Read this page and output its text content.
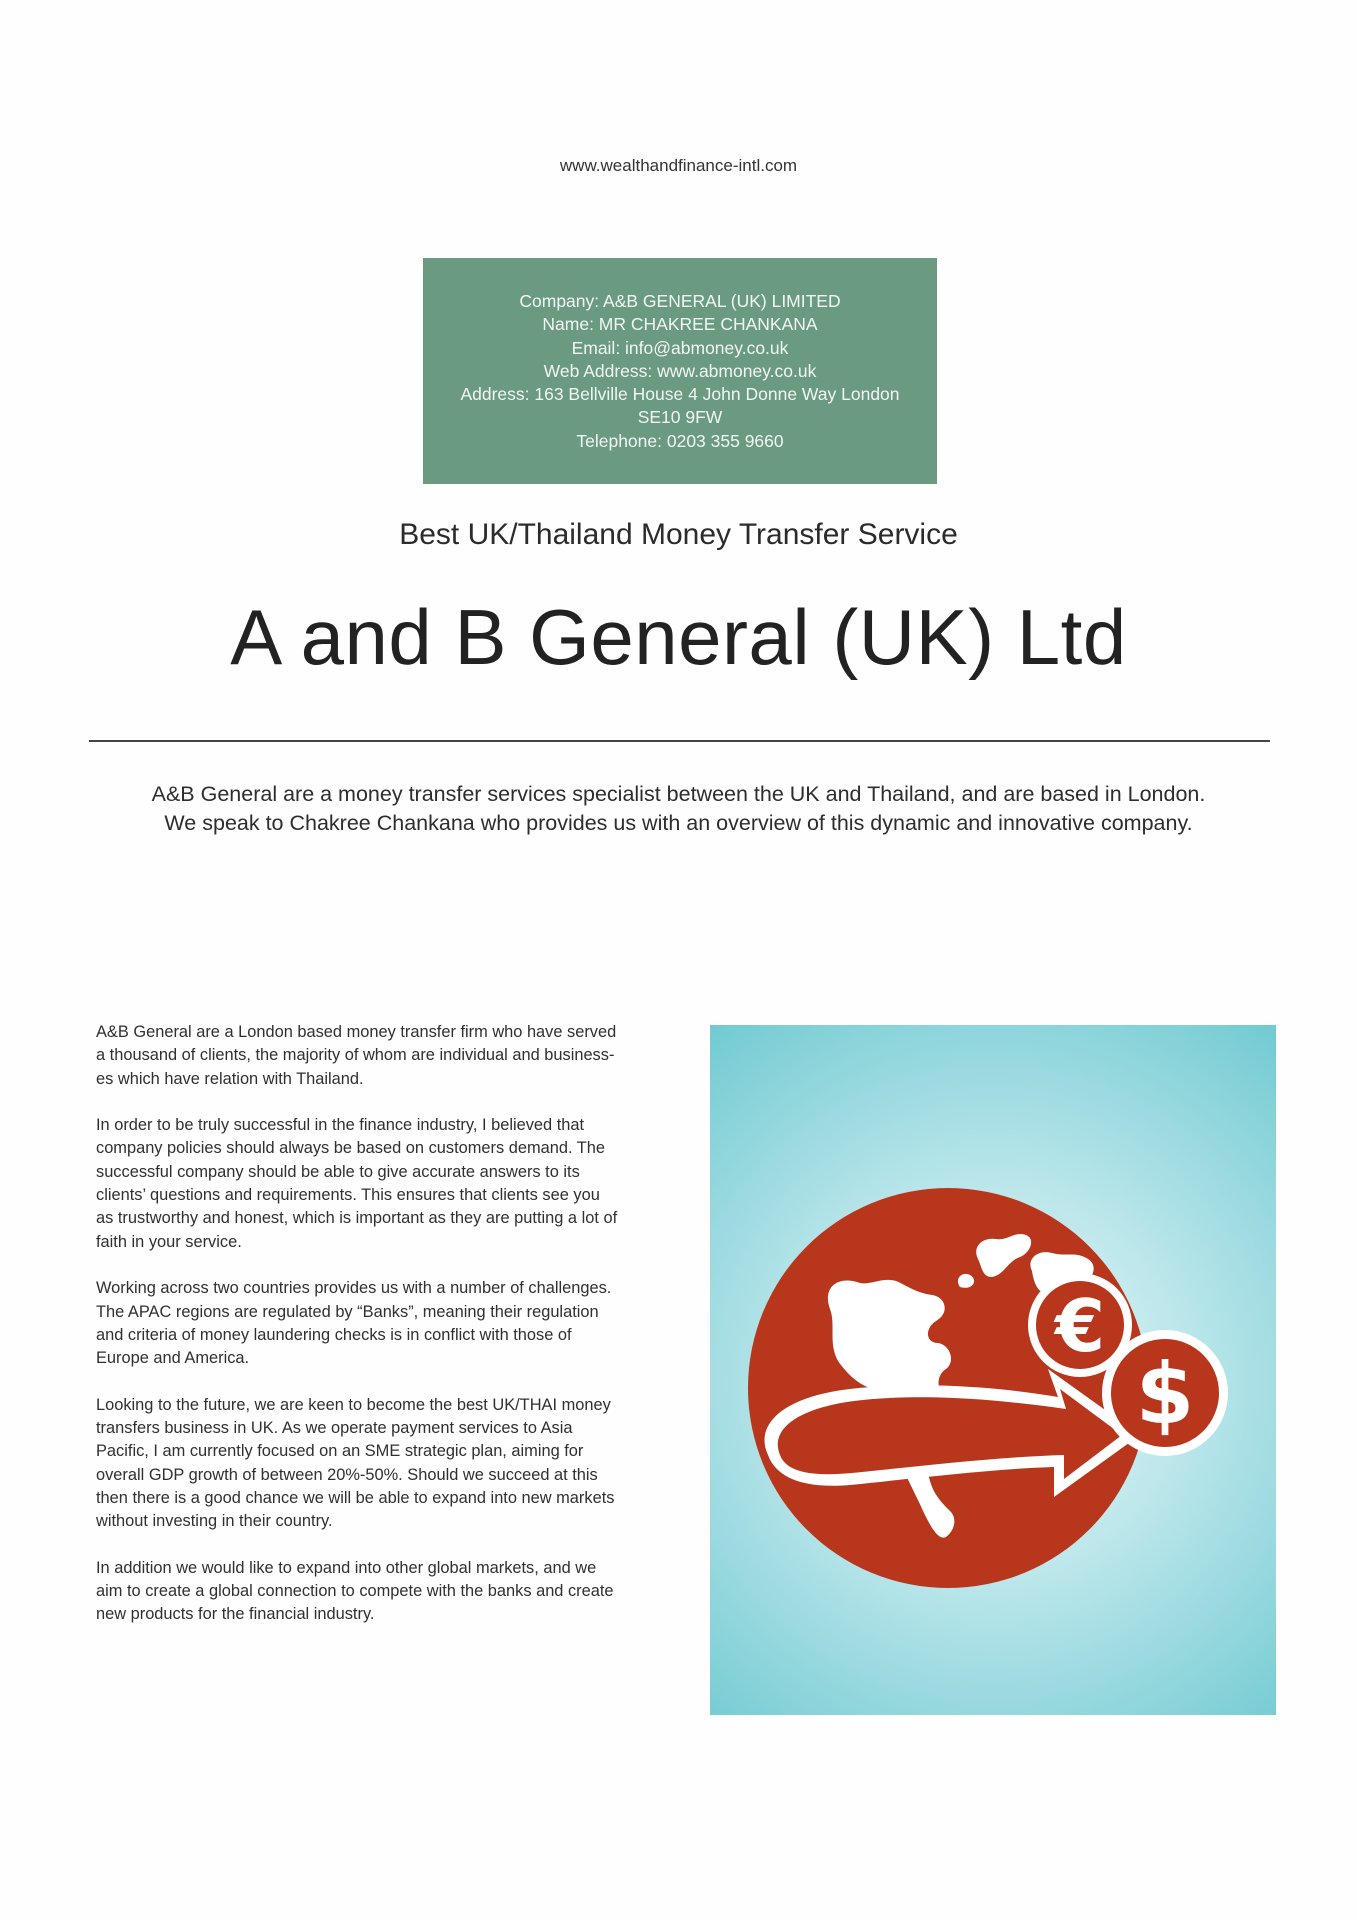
www.wealthandfinance-intl.com
Company: A&B GENERAL (UK) LIMITED
Name: MR CHAKREE CHANKANA
Email: info@abmoney.co.uk
Web Address: www.abmoney.co.uk
Address: 163 Bellville House 4 John Donne Way London
SE10 9FW
Telephone: 0203 355 9660
Best UK/Thailand Money Transfer Service
A and B General (UK) Ltd
A&B General are a money transfer services specialist between the UK and Thailand, and are based in London.
We speak to Chakree Chankana who provides us with an overview of this dynamic and innovative company.

A&B General are a London based money transfer firm who have served
a thousand of clients, the majority of whom are individual and business-
es which have relation with Thailand.

In order to be truly successful in the finance industry, I believed that
company policies should always be based on customers demand. The
successful company should be able to give accurate answers to its
clients’ questions and requirements. This ensures that clients see you
as trustworthy and honest, which is important as they are putting a lot of
faith in your service.

Working across two countries provides us with a number of challenges.
The APAC regions are regulated by “Banks”, meaning their regulation
and criteria of money laundering checks is in conflict with those of
Europe and America.

Looking to the future, we are keen to become the best UK/THAI money
transfers business in UK. As we operate payment services to Asia
Pacific, I am currently focused on an SME strategic plan, aiming for
overall GDP growth of between 20%-50%. Should we succeed at this
then there is a good chance we will be able to expand into new markets
without investing in their country.

In addition we would like to expand into other global markets, and we
aim to create a global connection to compete with the banks and create
new products for the financial industry.

€
$
